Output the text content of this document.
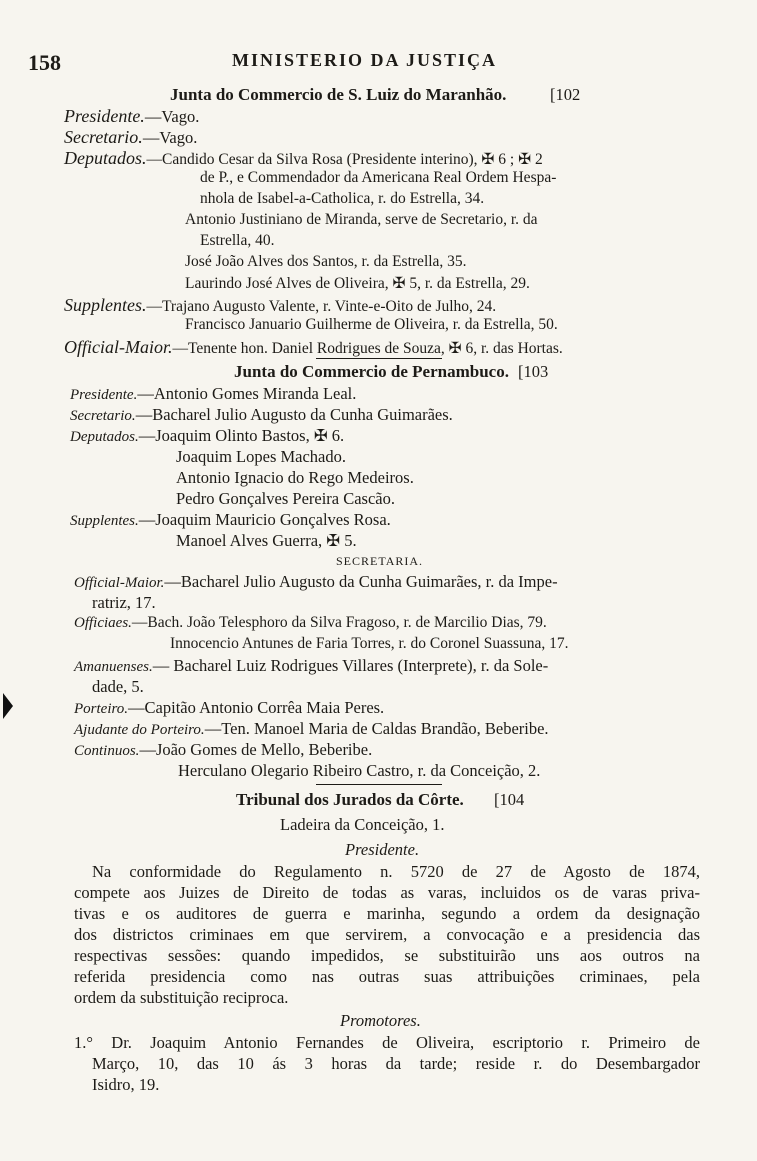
158	MINISTERIO DA JUSTIÇA
Junta do Commercio de S. Luiz do Maranhão.	[102
Presidente.—Vago.
Secretario.—Vago.
Deputados.—Candido Cesar da Silva Rosa (Presidente interino), ✠ 6 ; ✠ 2
de P., e Commendador da Americana Real Ordem Hespa-
nhola de Isabel-a-Catholica, r. do Estrella, 34.
Antonio Justiniano de Miranda, serve de Secretario, r. da
Estrella, 40.
José João Alves dos Santos, r. da Estrella, 35.
Laurindo José Alves de Oliveira, ✠ 5, r. da Estrella, 29.
Supplentes.—Trajano Augusto Valente, r. Vinte-e-Oito de Julho, 24.
Francisco Januario Guilherme de Oliveira, r. da Estrella, 50.
Official-Maior.—Tenente hon. Daniel Rodrigues de Souza, ✠ 6, r. das Hortas.
Junta do Commercio de Pernambuco. [103
Presidente.—Antonio Gomes Miranda Leal.
Secretario.—Bacharel Julio Augusto da Cunha Guimarães.
Deputados.—Joaquim Olinto Bastos, ✠ 6.
Joaquim Lopes Machado.
Antonio Ignacio do Rego Medeiros.
Pedro Gonçalves Pereira Cascão.
Supplentes.—Joaquim Mauricio Gonçalves Rosa.
Manoel Alves Guerra, ✠ 5.
SECRETARIA.
Official-Maior.—Bacharel Julio Augusto da Cunha Guimarães, r. da Impe-
ratriz, 17.
Officiaes.—Bach. João Telesphoro da Silva Fragoso, r. de Marcilio Dias, 79.
Innocencio Antunes de Faria Torres, r. do Coronel Suassuna, 17.
Amanuenses.— Bacharel Luiz Rodrigues Villares (Interprete), r. da Sole-
dade, 5.
Porteiro.—Capitão Antonio Corrêa Maia Peres.
Ajudante do Porteiro.—Ten. Manoel Maria de Caldas Brandão, Beberibe.
Continuos.—João Gomes de Mello, Beberibe.
Herculano Olegario Ribeiro Castro, r. da Conceição, 2.
Tribunal dos Jurados da Côrte. [104
Ladeira da Conceição, 1.
Presidente.
Na conformidade do Regulamento n. 5720 de 27 de Agosto de 1874,
compete aos Juizes de Direito de todas as varas, incluidos os de varas priva-
tivas e os auditores de guerra e marinha, segundo a ordem da designação
dos districtos criminaes em que servirem, a convocação e a presidencia das
respectivas sessões: quando impedidos, se substituirão uns aos outros na
referida presidencia como nas outras suas attribuições criminaes, pela
ordem da substituição reciproca.
Promotores.
1.° Dr. Joaquim Antonio Fernandes de Oliveira, escriptorio r. Primeiro de
Março, 10, das 10 ás 3 horas da tarde; reside r. do Desembargador
Isidro, 19.
